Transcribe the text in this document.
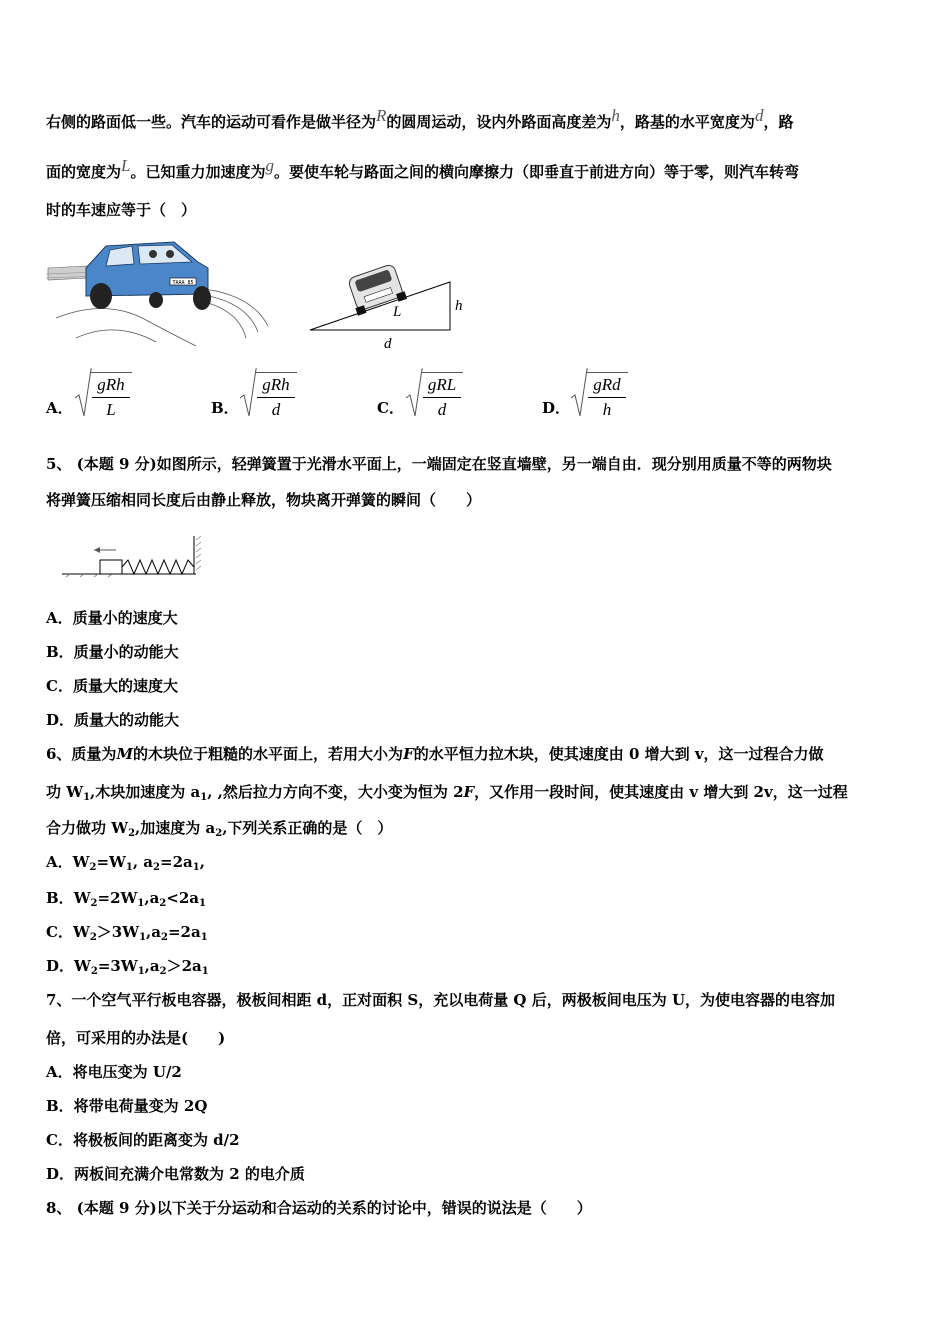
右侧的路面低一些。汽车的运动可看作是做半径为R的圆周运动，设内外路面高度差为h，路基的水平宽度为d，路
面的宽度为L。已知重力加速度为g。要使车轮与路面之间的横向摩擦力（即垂直于前进方向）等于零，则汽车转弯
时的车速应等于（　）
TAAA 85
L	h
d
A．
gRh
L	B．
gRh
d	C．
gRL
d	D．
gRd
h
5、 (本题 9 分)如图所示，轻弹簧置于光滑水平面上，一端固定在竖直墙壁，另一端自由．现分别用质量不等的两物块
将弹簧压缩相同长度后由静止释放，物块离开弹簧的瞬间（　　）
A．质量小的速度大
B．质量小的动能大
C．质量大的速度大
D．质量大的动能大
6、质量为M的木块位于粗糙的水平面上，若用大小为F的水平恒力拉木块，使其速度由 0 增大到 v，这一过程合力做
功 $W_1$,木块加速度为 $a_1$, ,然后拉力方向不变，大小变为恒为 2F，又作用一段时间，使其速度由 v 增大到 2v，这一过程
合力做功 $W_2$,加速度为 $a_2$,下列关系正确的是（　）
A．$W_2=W_1$, $a_2=2a_1$,
B．$W_2=2W_1,a_2<2a_1$
C．$W_2>3W_1,a_2=2a_1$
D．$W_2=3W_1,a_2>2a_1$
7、一个空气平行板电容器，极板间相距 d，正对面积 S，充以电荷量 Q 后，两极板间电压为 U，为使电容器的电容加
倍，可采用的办法是(　　)
A．将电压变为 U/2
B．将带电荷量变为 2Q
C．将极板间的距离变为 d/2
D．两板间充满介电常数为 2 的电介质
8、 (本题 9 分)以下关于分运动和合运动的关系的讨论中，错误的说法是（　　）
